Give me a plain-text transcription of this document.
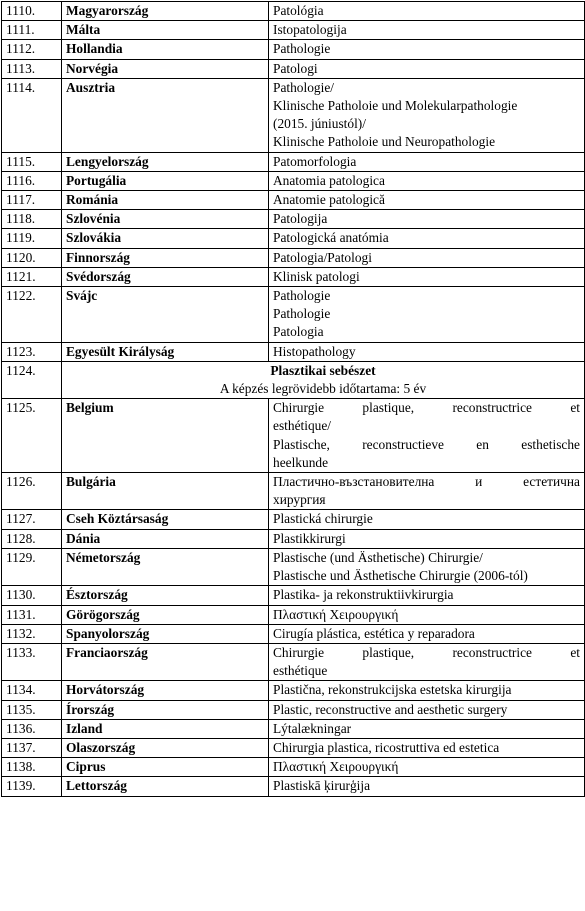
1110.	Magyarország	Patológia

1111.	Málta	Istopatologija

1112.	Hollandia	Pathologie

1113.	Norvégia	Patologi

1114.	Ausztria	Pathologie/
Klinische Patholoie und Molekularpathologie
(2015. júniustól)/
Klinische Patholoie und Neuropathologie

1115.	Lengyelország	Patomorfologia

1116.	Portugália	Anatomia patologica

1117.	Románia	Anatomie patologică

1118.	Szlovénia	Patologija

1119.	Szlovákia	Patologická anatómia

1120.	Finnország	Patologia/Patologi

1121.	Svédország	Klinisk patologi

1122.	Svájc	Pathologie
Pathologie
Patologia

1123.	Egyesült Királyság	Histopathology

1124.	Plasztikai sebészet
A képzés legrövidebb időtartama: 5 év	

1125.	Belgium	Chirurgie plastique, reconstructrice et
esthétique/
Plastische, reconstructieve en esthetische
heelkunde

1126.	Bulgária	Пластично-възстановителна и естетична
хирургия

1127.	Cseh Köztársaság	Plastická chirurgie

1128.	Dánia	Plastikkirurgi

1129.	Németország	Plastische (und Ästhetische) Chirurgie/
Plastische und Ästhetische Chirurgie (2006-tól)

1130.	Észtország	Plastika- ja rekonstruktiivkirurgia

1131.	Görögország	Πλαστική Χειρουργική

1132.	Spanyolország	Cirugía plástica, estética y reparadora

1133.	Franciaország	Chirurgie plastique, reconstructrice et
esthétique

1134.	Horvátország	Plastična, rekonstrukcijska estetska kirurgija

1135.	Írország	Plastic, reconstructive and aesthetic surgery

1136.	Izland	Lýtalækningar

1137.	Olaszország	Chirurgia plastica, ricostruttiva ed estetica

1138.	Ciprus	Πλαστική Χειρουργική

1139.	Lettország	Plastiskā ķirurģija
